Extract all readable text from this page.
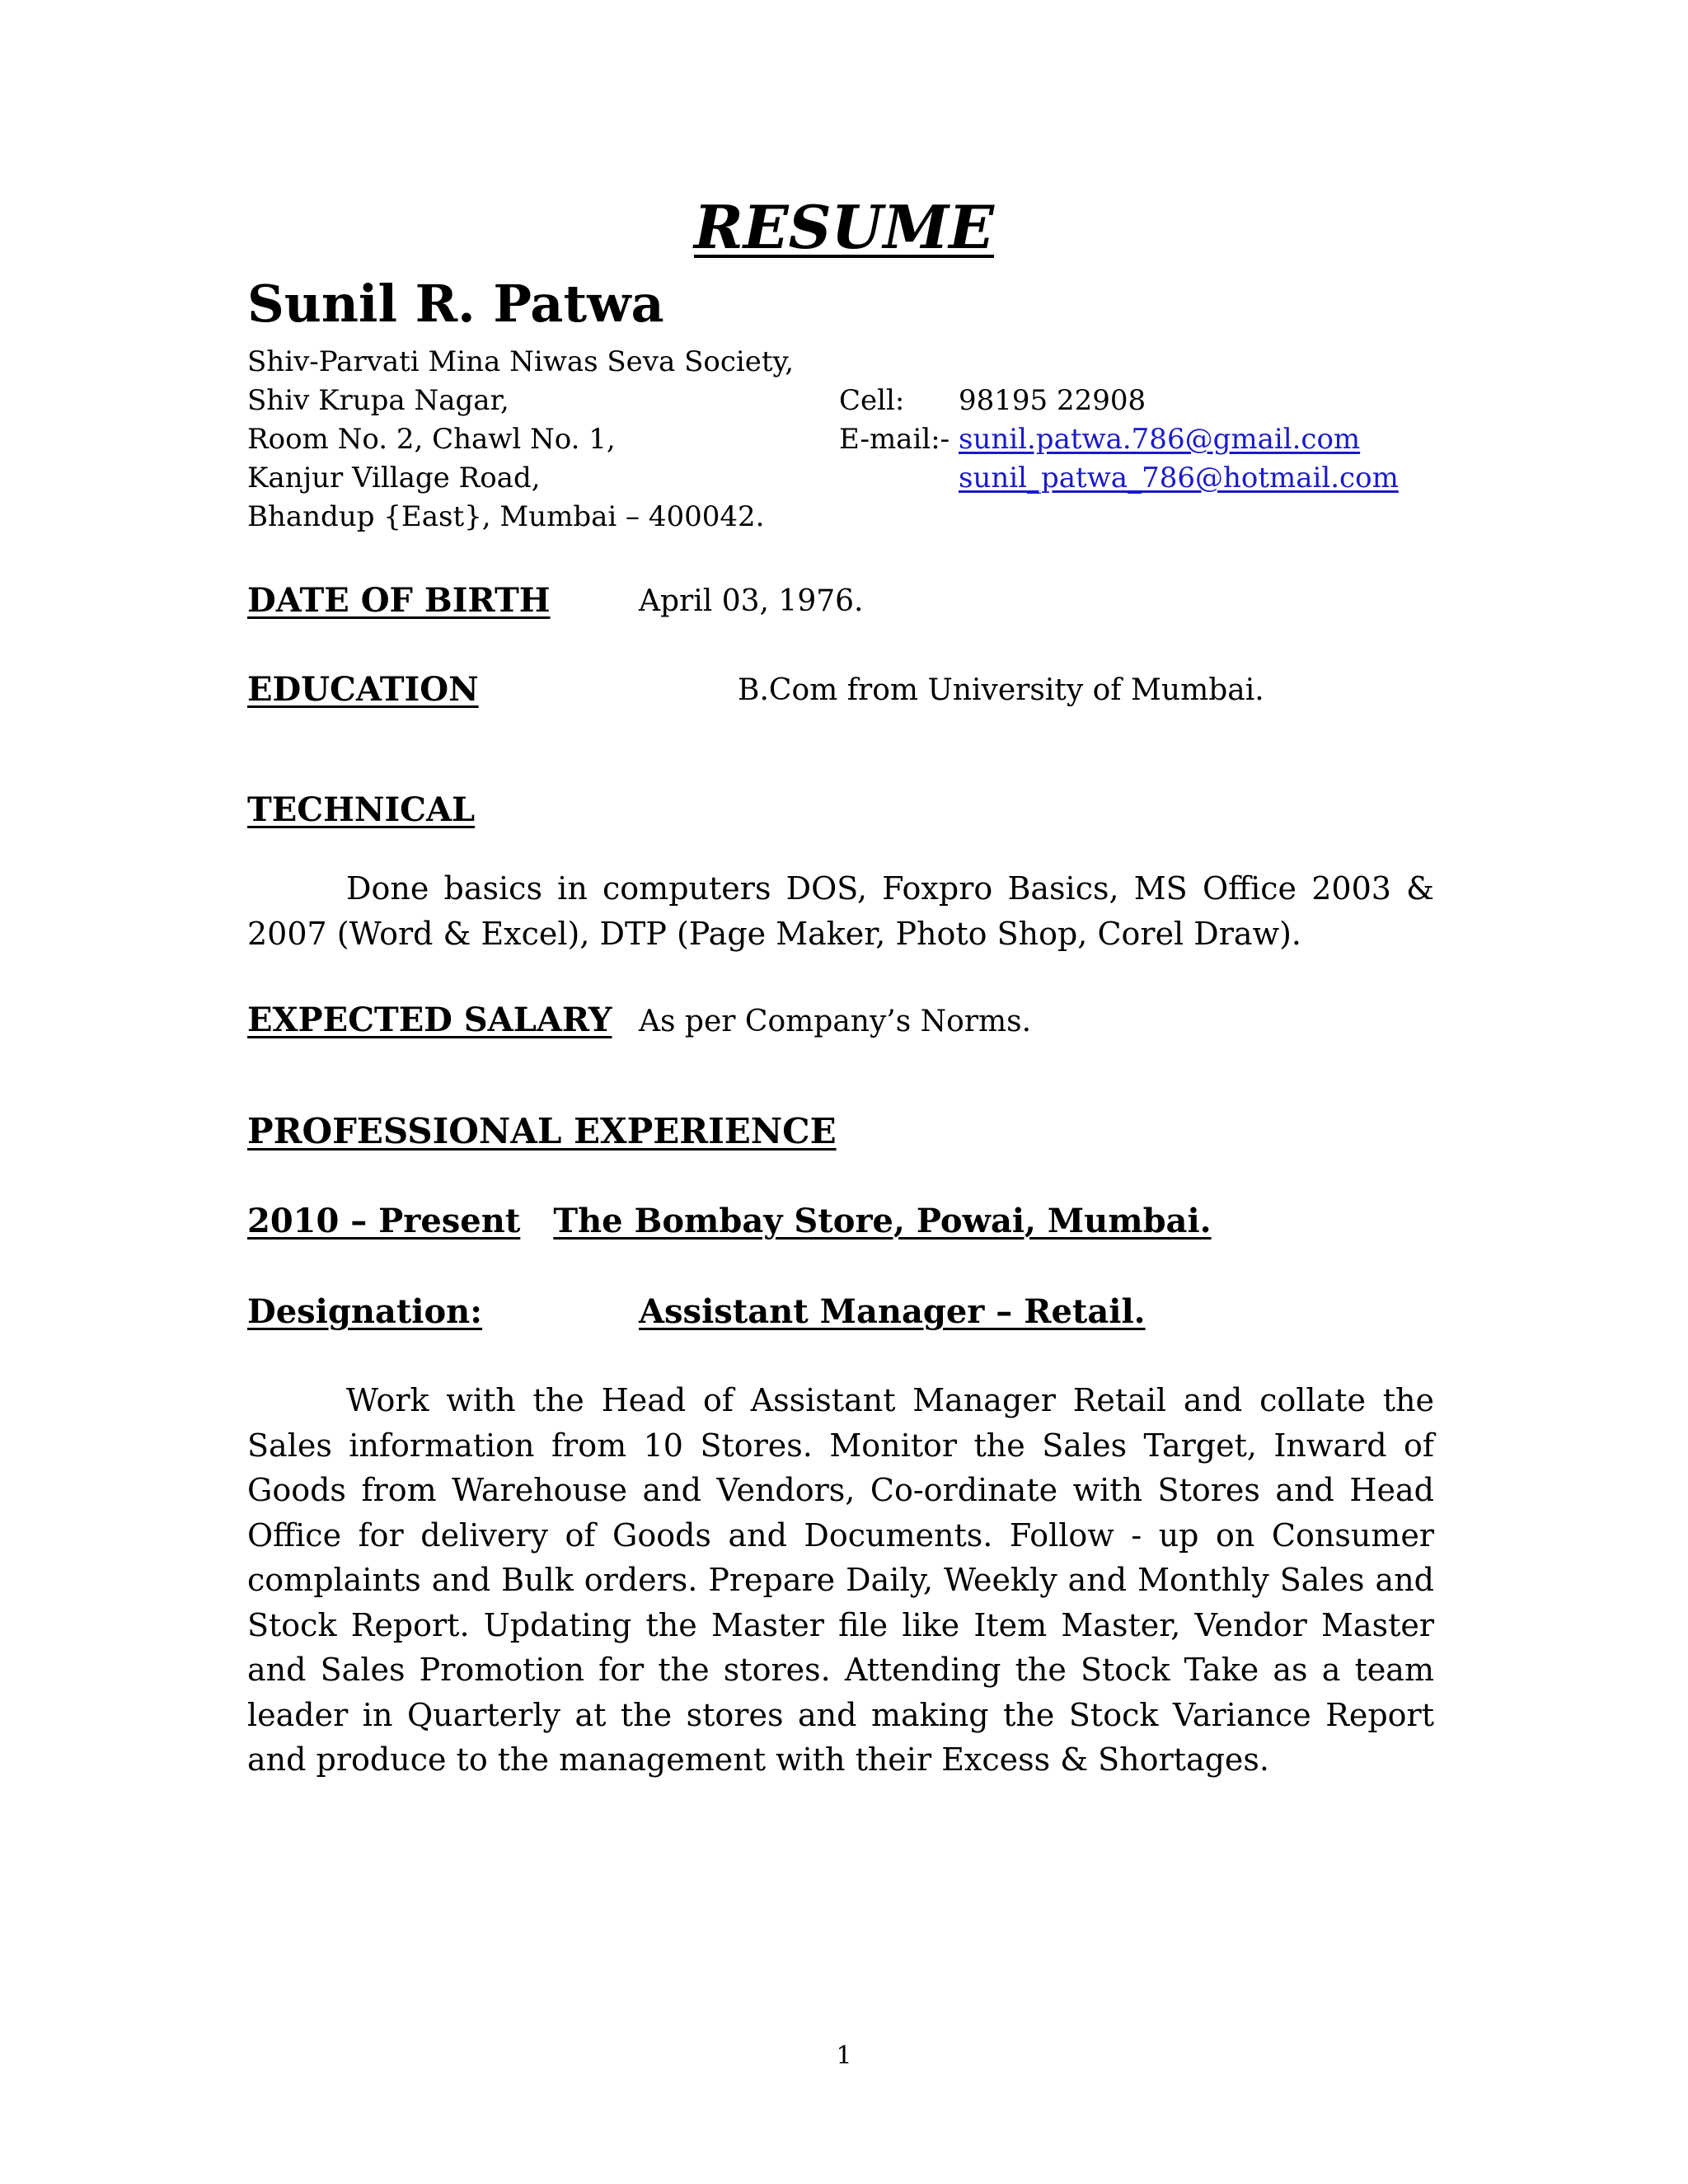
RESUME
Sunil R. Patwa
Shiv-Parvati Mina Niwas Seva Society,
Shiv Krupa Nagar,
Room No. 2, Chawl No. 1,
Kanjur Village Road,
Bhandup {East}, Mumbai – 400042.
Cell: 98195 22908
E-mail:- sunil.patwa.786@gmail.com
sunil_patwa_786@hotmail.com
DATE OF BIRTH	April 03, 1976.
EDUCATION	B.Com from University of Mumbai.
TECHNICAL
Done basics in computers DOS, Foxpro Basics, MS Office 2003 & 2007 (Word & Excel), DTP (Page Maker, Photo Shop, Corel Draw).
EXPECTED SALARY As per Company’s Norms.
PROFESSIONAL EXPERIENCE
2010 – Present The Bombay Store, Powai, Mumbai.
Designation:	Assistant Manager – Retail.
Work with the Head of Assistant Manager Retail and collate the Sales information from 10 Stores. Monitor the Sales Target, Inward of Goods from Warehouse and Vendors, Co-ordinate with Stores and Head Office for delivery of Goods and Documents. Follow - up on Consumer complaints and Bulk orders. Prepare Daily, Weekly and Monthly Sales and Stock Report. Updating the Master file like Item Master, Vendor Master and Sales Promotion for the stores. Attending the Stock Take as a team leader in Quarterly at the stores and making the Stock Variance Report and produce to the management with their Excess & Shortages.
1
